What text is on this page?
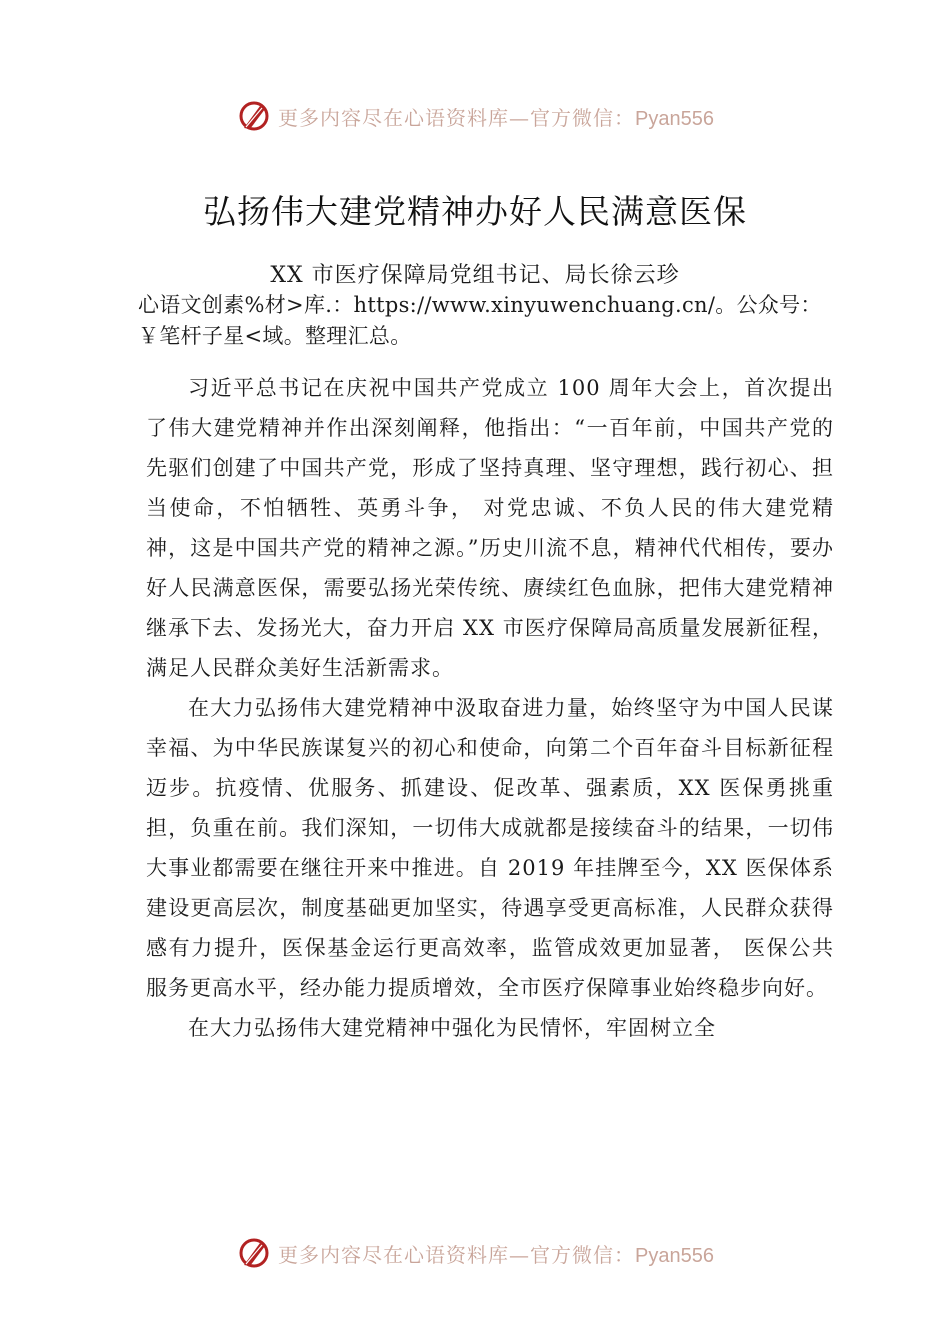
更多内容尽在心语资料库—官方微信：Pyan556
弘扬伟大建党精神办好人民满意医保

XX 市医疗保障局党组书记、局长徐云珍

心语文创素%材>库.：https://www.xinyuwenchuang.cn/。公众号：￥笔杆子星<域。整理汇总。

习近平总书记在庆祝中国共产党成立 100 周年大会上，首次提出了伟大建党精神并作出深刻阐释，他指出：“一百年前，中国共产党的先驱们创建了中国共产党，形成了坚持真理、坚守理想，践行初心、担当使命，不怕牺牲、英勇斗争， 对党忠诚、不负人民的伟大建党精神，这是中国共产党的精神之源。”历史川流不息，精神代代相传，要办好人民满意医保，需要弘扬光荣传统、赓续红色血脉，把伟大建党精神继承下去、发扬光大，奋力开启 XX 市医疗保障局高质量发展新征程，满足人民群众美好生活新需求。

在大力弘扬伟大建党精神中汲取奋进力量，始终坚守为中国人民谋幸福、为中华民族谋复兴的初心和使命，向第二个百年奋斗目标新征程迈步。抗疫情、优服务、抓建设、促改革、强素质，XX 医保勇挑重担，负重在前。我们深知，一切伟大成就都是接续奋斗的结果，一切伟大事业都需要在继往开来中推进。自 2019 年挂牌至今，XX 医保体系建设更高层次，制度基础更加坚实，待遇享受更高标准，人民群众获得感有力提升，医保基金运行更高效率，监管成效更加显著， 医保公共服务更高水平，经办能力提质增效，全市医疗保障事业始终稳步向好。

在大力弘扬伟大建党精神中强化为民情怀，牢固树立全

更多内容尽在心语资料库—官方微信：Pyan556
